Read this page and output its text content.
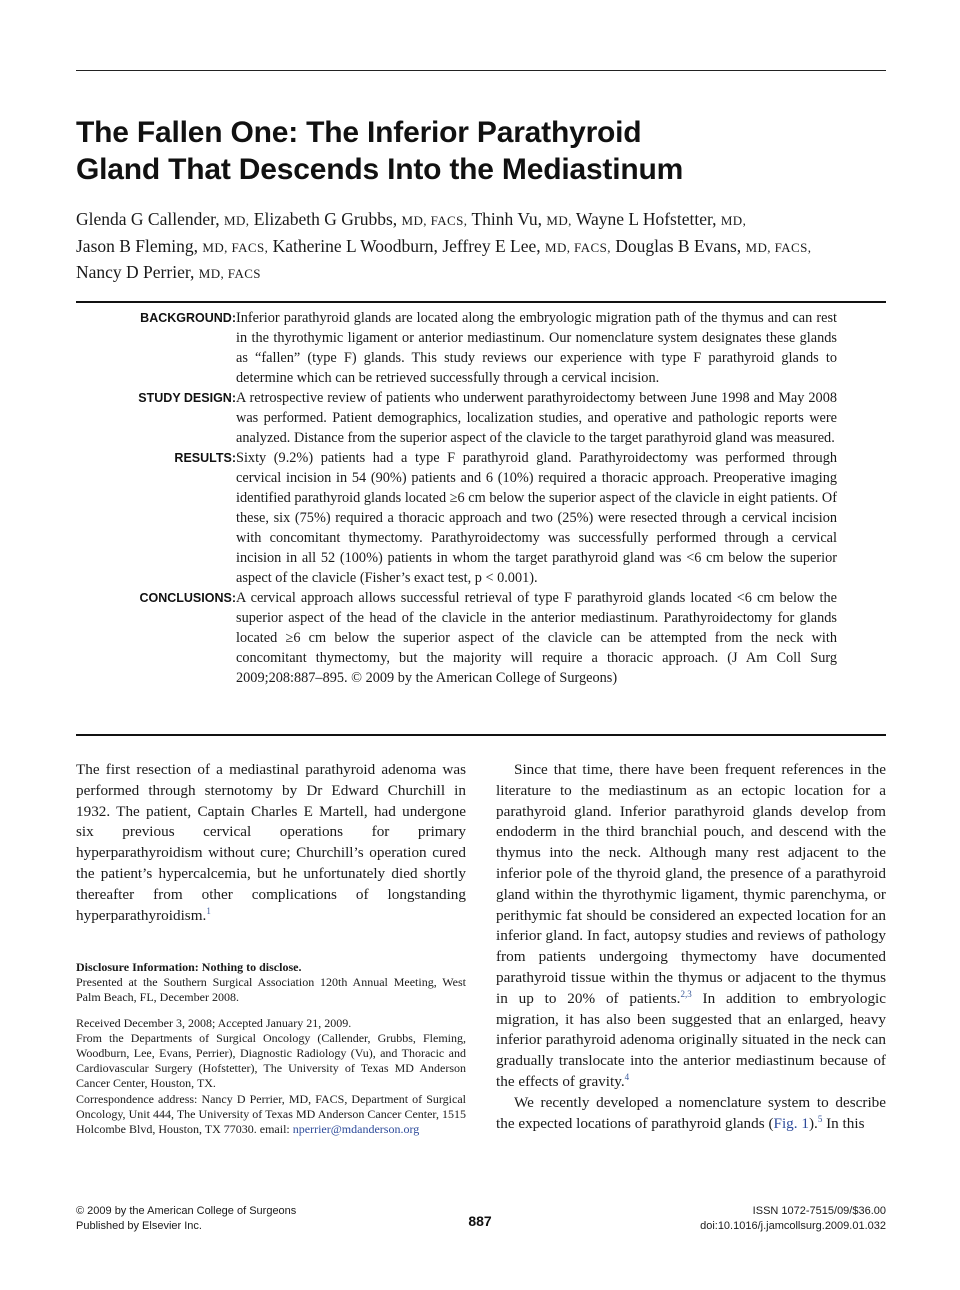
The Fallen One: The Inferior Parathyroid
Gland That Descends Into the Mediastinum
Glenda G Callender, MD, Elizabeth G Grubbs, MD, FACS, Thinh Vu, MD, Wayne L Hofstetter, MD,
Jason B Fleming, MD, FACS, Katherine L Woodburn, Jeffrey E Lee, MD, FACS, Douglas B Evans, MD, FACS,
Nancy D Perrier, MD, FACS
BACKGROUND: Inferior parathyroid glands are located along the embryologic migration path of the thymus and can rest in the thyrothymic ligament or anterior mediastinum. Our nomenclature system designates these glands as “fallen” (type F) glands. This study reviews our experience with type F parathyroid glands to determine which can be retrieved successfully through a cervical incision.
STUDY DESIGN: A retrospective review of patients who underwent parathyroidectomy between June 1998 and May 2008 was performed. Patient demographics, localization studies, and operative and pathologic reports were analyzed. Distance from the superior aspect of the clavicle to the target parathyroid gland was measured.
RESULTS: Sixty (9.2%) patients had a type F parathyroid gland. Parathyroidectomy was performed through cervical incision in 54 (90%) patients and 6 (10%) required a thoracic approach. Preoperative imaging identified parathyroid glands located ≥6 cm below the superior aspect of the clavicle in eight patients. Of these, six (75%) required a thoracic approach and two (25%) were resected through a cervical incision with concomitant thymectomy. Parathyroidectomy was successfully performed through a cervical incision in all 52 (100%) patients in whom the target parathyroid gland was <6 cm below the superior aspect of the clavicle (Fisher’s exact test, p < 0.001).
CONCLUSIONS: A cervical approach allows successful retrieval of type F parathyroid glands located <6 cm below the superior aspect of the head of the clavicle in the anterior mediastinum. Parathyroidectomy for glands located ≥6 cm below the superior aspect of the clavicle can be attempted from the neck with concomitant thymectomy, but the majority will require a thoracic approach. (J Am Coll Surg 2009;208:887–895. © 2009 by the American College of Surgeons)

The first resection of a mediastinal parathyroid adenoma was performed through sternotomy by Dr Edward Churchill in 1932. The patient, Captain Charles E Martell, had undergone six previous cervical operations for primary hyperparathyroidism without cure; Churchill’s operation cured the patient’s hypercalcemia, but he unfortunately died shortly thereafter from other complications of longstanding hyperparathyroidism.$^1$

Disclosure Information: Nothing to disclose.

Presented at the Southern Surgical Association 120th Annual Meeting, West Palm Beach, FL, December 2008.

Received December 3, 2008; Accepted January 21, 2009.

From the Departments of Surgical Oncology (Callender, Grubbs, Fleming, Woodburn, Lee, Evans, Perrier), Diagnostic Radiology (Vu), and Thoracic and Cardiovascular Surgery (Hofstetter), The University of Texas MD Anderson Cancer Center, Houston, TX.

Correspondence address: Nancy D Perrier, MD, FACS, Department of Surgical Oncology, Unit 444, The University of Texas MD Anderson Cancer Center, 1515 Holcombe Blvd, Houston, TX 77030. email: nperrier@mdanderson.org

Since that time, there have been frequent references in the literature to the mediastinum as an ectopic location for a parathyroid gland. Inferior parathyroid glands develop from endoderm in the third branchial pouch, and descend with the thymus into the neck. Although many rest adjacent to the inferior pole of the thyroid gland, the presence of a parathyroid gland within the thyrothymic ligament, thymic parenchyma, or perithymic fat should be considered an expected location for an inferior gland. In fact, autopsy studies and reviews of pathology from patients undergoing thymectomy have documented parathyroid tissue within the thymus or adjacent to the thymus in up to 20% of patients.$^{2,3}$ In addition to embryologic migration, it has also been suggested that an enlarged, heavy inferior parathyroid adenoma originally situated in the neck can gradually translocate into the anterior mediastinum because of the effects of gravity.$^4$

We recently developed a nomenclature system to describe the expected locations of parathyroid glands (Fig. 1).$^5$ In this

© 2009 by the American College of Surgeons
Published by Elsevier Inc.	887
ISSN 1072-7515/09/$36.00
doi:10.1016/j.jamcollsurg.2009.01.032
